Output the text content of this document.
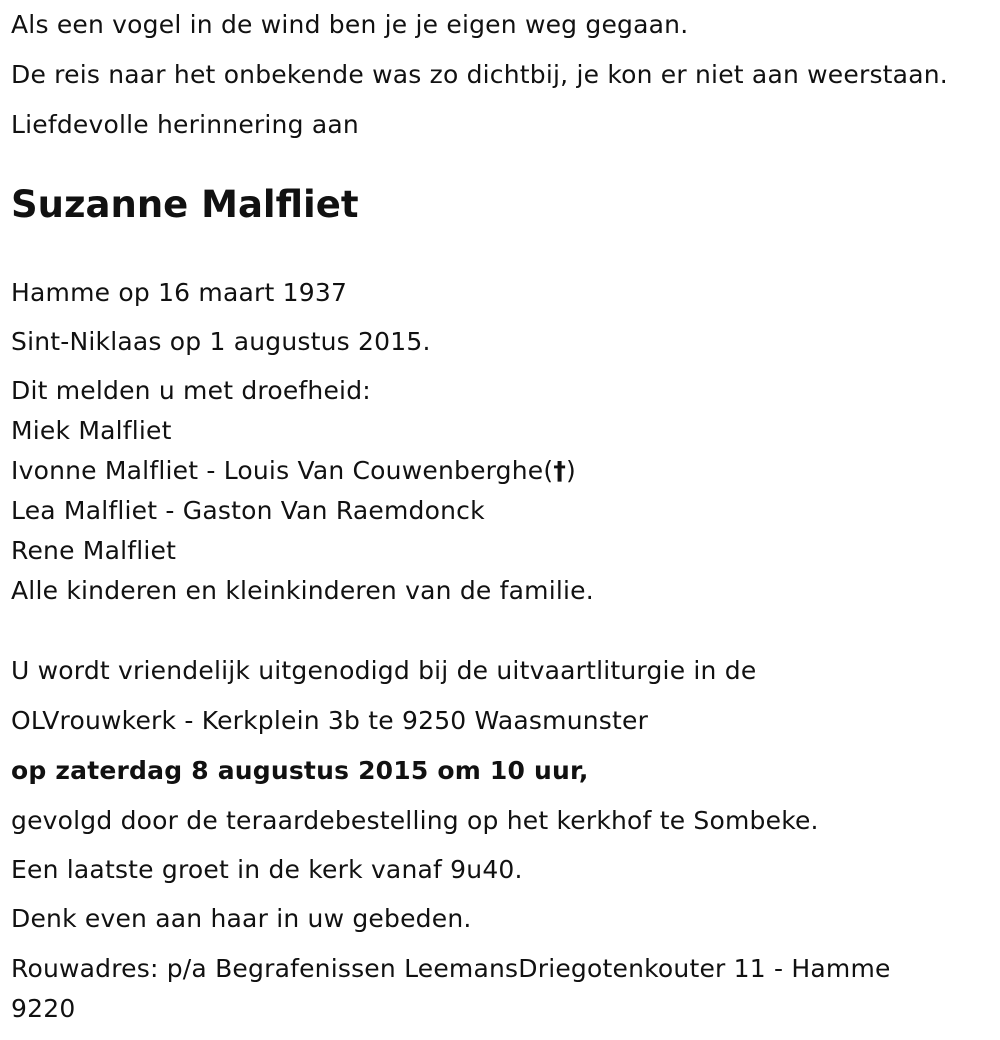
Als een vogel in de wind ben je je eigen weg gegaan.
De reis naar het onbekende was zo dichtbij, je kon er niet aan weerstaan.
Liefdevolle herinnering aan
Suzanne Malfliet
Hamme op 16 maart 1937
Sint-Niklaas op 1 augustus 2015.
Dit melden u met droefheid:
Miek Malfliet
Ivonne Malfliet - Louis Van Couwenberghe(†)
Lea Malfliet - Gaston Van Raemdonck
Rene Malfliet
Alle kinderen en kleinkinderen van de familie.
U wordt vriendelijk uitgenodigd bij de uitvaartliturgie in de
OLVrouwkerk - Kerkplein 3b te 9250 Waasmunster
op zaterdag 8 augustus 2015 om 10 uur,
gevolgd door de teraardebestelling op het kerkhof te Sombeke.
Een laatste groet in de kerk vanaf 9u40.
Denk even aan haar in uw gebeden.
Rouwadres: p/a Begrafenissen LeemansDriegotenkouter 11 - Hamme
9220
